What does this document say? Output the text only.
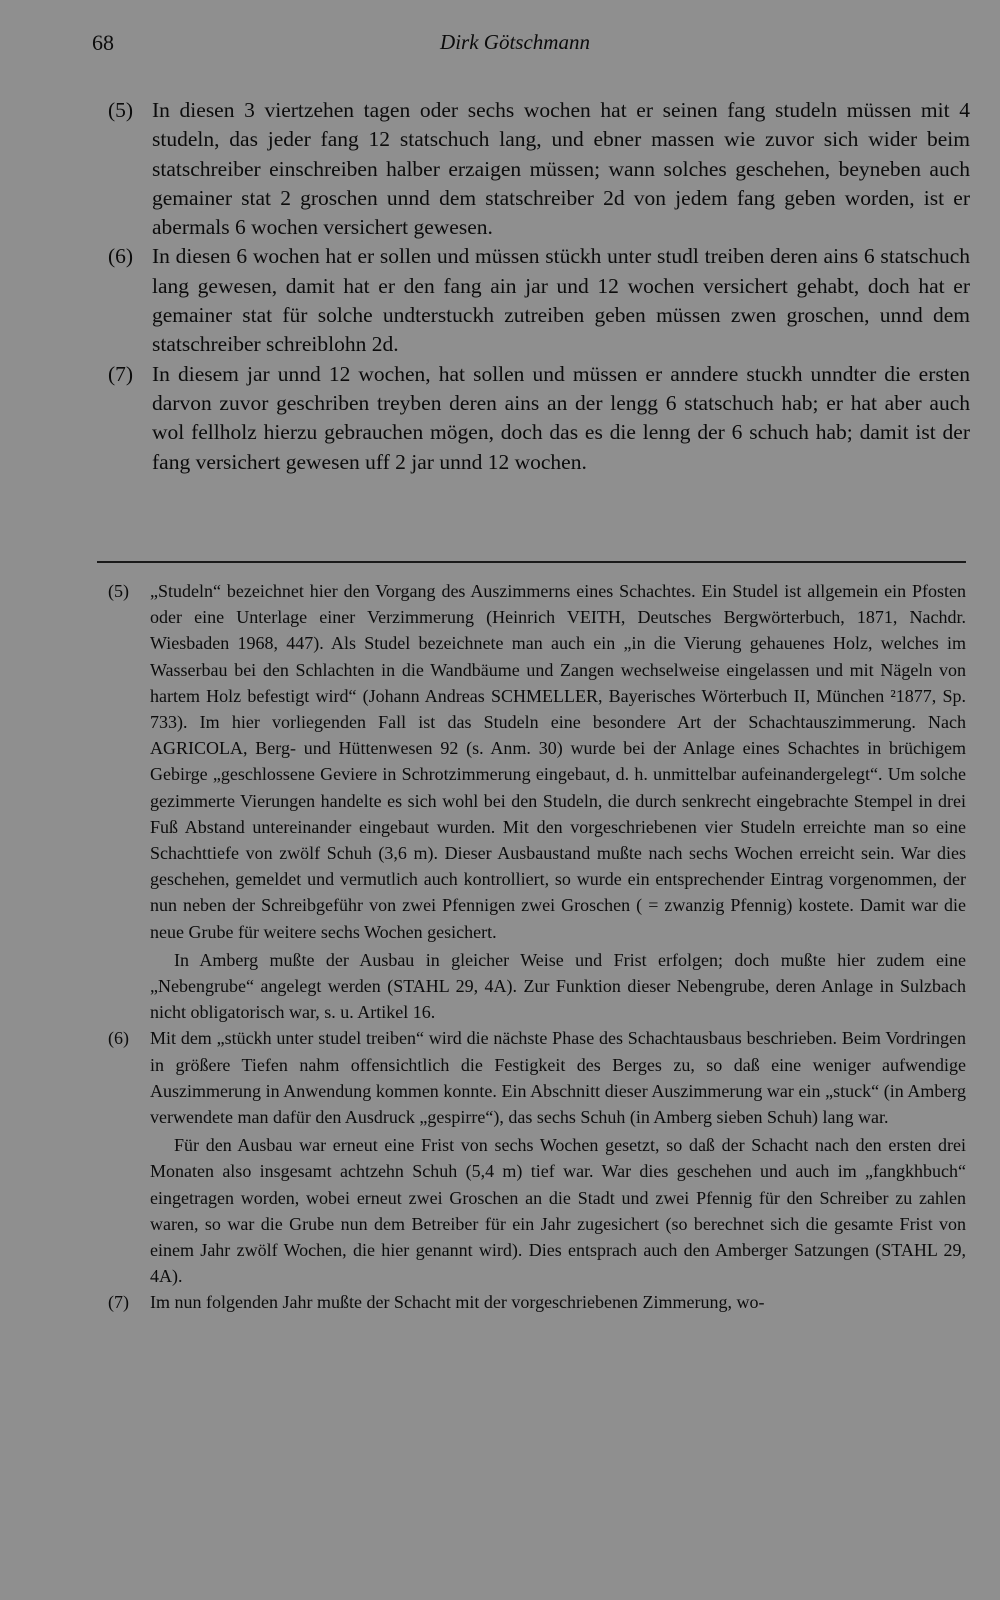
68	Dirk Götschmann
(5) In diesen 3 viertzehen tagen oder sechs wochen hat er seinen fang studeln müssen mit 4 studeln, das jeder fang 12 statschuch lang, und ebner massen wie zuvor sich wider beim statschreiber einschreiben halber erzaigen müssen; wann solches geschehen, beyneben auch gemainer stat 2 groschen unnd dem statschreiber 2d von jedem fang geben worden, ist er abermals 6 wochen versichert gewesen.
(6) In diesen 6 wochen hat er sollen und müssen stückh unter studl treiben deren ains 6 statschuch lang gewesen, damit hat er den fang ain jar und 12 wochen versichert gehabt, doch hat er gemainer stat für solche undterstuckh zutreiben geben müssen zwen groschen, unnd dem statschreiber schreiblohn 2d.
(7) In diesem jar unnd 12 wochen, hat sollen und müssen er anndere stuckh unndter die ersten darvon zuvor geschriben treyben deren ains an der lengg 6 statschuch hab; er hat aber auch wol fellholz hierzu gebrauchen mögen, doch das es die lenng der 6 schuch hab; damit ist der fang versichert gewesen uff 2 jar unnd 12 wochen.
(5)	„Studeln“ bezeichnet hier den Vorgang des Auszimmerns eines Schachtes. Ein Studel ist allgemein ein Pfosten oder eine Unterlage einer Verzimmerung (Heinrich VEITH, Deutsches Bergwörterbuch, 1871, Nachdr. Wiesbaden 1968, 447). Als Studel bezeichnete man auch ein „in die Vierung gehauenes Holz, welches im Wasserbau bei den Schlachten in die Wandbäume und Zangen wechselweise eingelassen und mit Nägeln von hartem Holz befestigt wird“ (Johann Andreas SCHMELLER, Bayerisches Wörterbuch II, München ²1877, Sp. 733). Im hier vorliegenden Fall ist das Studeln eine besondere Art der Schachtauszimmerung. Nach AGRICOLA, Berg- und Hüttenwesen 92 (s. Anm. 30) wurde bei der Anlage eines Schachtes in brüchigem Gebirge „geschlossene Geviere in Schrotzimmerung eingebaut, d. h. unmittelbar aufeinandergelegt“. Um solche gezimmerte Vierungen handelte es sich wohl bei den Studeln, die durch senkrecht eingebrachte Stempel in drei Fuß Abstand untereinander eingebaut wurden. Mit den vorgeschriebenen vier Studeln erreichte man so eine Schachttiefe von zwölf Schuh (3,6 m). Dieser Ausbaustand mußte nach sechs Wochen erreicht sein. War dies geschehen, gemeldet und vermutlich auch kontrolliert, so wurde ein entsprechender Eintrag vorgenommen, der nun neben der Schreibgeführ von zwei Pfennigen zwei Groschen ( = zwanzig Pfennig) kostete. Damit war die neue Grube für weitere sechs Wochen gesichert.

In Amberg mußte der Ausbau in gleicher Weise und Frist erfolgen; doch mußte hier zudem eine „Nebengrube“ angelegt werden (STAHL 29, 4A). Zur Funktion dieser Nebengrube, deren Anlage in Sulzbach nicht obligatorisch war, s. u. Artikel 16.

(6)	Mit dem „stückh unter studel treiben“ wird die nächste Phase des Schachtausbaus beschrieben. Beim Vordringen in größere Tiefen nahm offensichtlich die Festigkeit des Berges zu, so daß eine weniger aufwendige Auszimmerung in Anwendung kommen konnte. Ein Abschnitt dieser Auszimmerung war ein „stuck“ (in Amberg verwendete man dafür den Ausdruck „gespirre“), das sechs Schuh (in Amberg sieben Schuh) lang war.

Für den Ausbau war erneut eine Frist von sechs Wochen gesetzt, so daß der Schacht nach den ersten drei Monaten also insgesamt achtzehn Schuh (5,4 m) tief war. War dies geschehen und auch im „fangkhbuch“ eingetragen worden, wobei erneut zwei Groschen an die Stadt und zwei Pfennig für den Schreiber zu zahlen waren, so war die Grube nun dem Betreiber für ein Jahr zugesichert (so berechnet sich die gesamte Frist von einem Jahr zwölf Wochen, die hier genannt wird). Dies entsprach auch den Amberger Satzungen (STAHL 29, 4A).

(7)	Im nun folgenden Jahr mußte der Schacht mit der vorgeschriebenen Zimmerung, wo-
